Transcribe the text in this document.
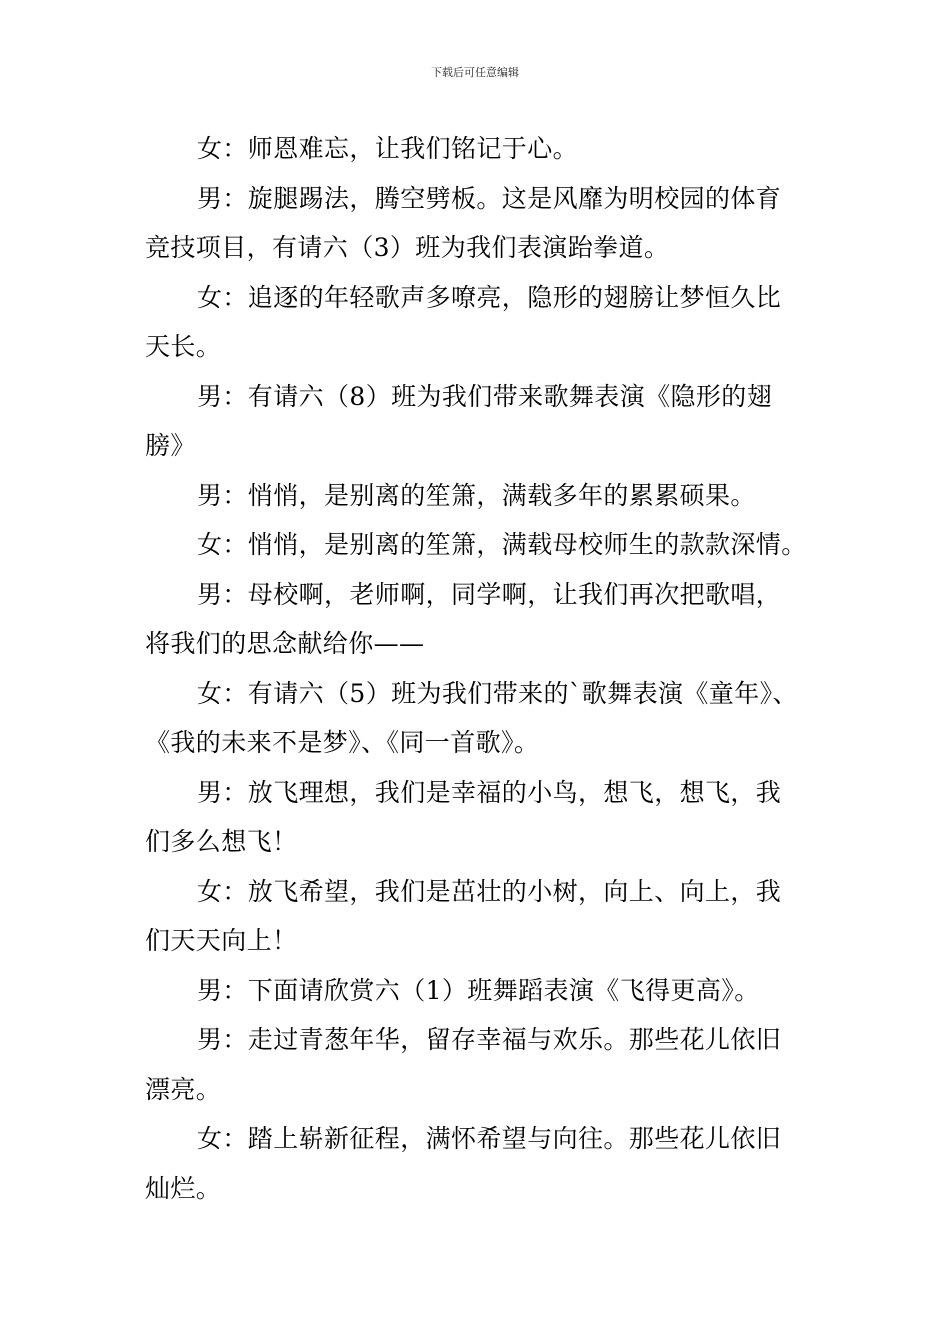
下载后可任意编辑

女：师恩难忘，让我们铭记于心。

男：旋腿踢法，腾空劈板。这是风靡为明校园的体育
竞技项目，有请六（3）班为我们表演跆拳道。

女：追逐的年轻歌声多嘹亮，隐形的翅膀让梦恒久比
天长。

男：有请六（8）班为我们带来歌舞表演《隐形的翅
膀》

男：悄悄，是别离的笙箫，满载多年的累累硕果。

女：悄悄，是别离的笙箫，满载母校师生的款款深情。

男：母校啊，老师啊，同学啊，让我们再次把歌唱，
将我们的思念献给你——

女：有请六（5）班为我们带来的`歌舞表演《童年》、
《我的未来不是梦》、《同一首歌》。

男：放飞理想，我们是幸福的小鸟，想飞，想飞，我
们多么想飞！

女：放飞希望，我们是茁壮的小树，向上、向上，我
们天天向上！

男：下面请欣赏六（1）班舞蹈表演《飞得更高》。

男：走过青葱年华，留存幸福与欢乐。那些花儿依旧
漂亮。

女：踏上崭新征程，满怀希望与向往。那些花儿依旧
灿烂。
